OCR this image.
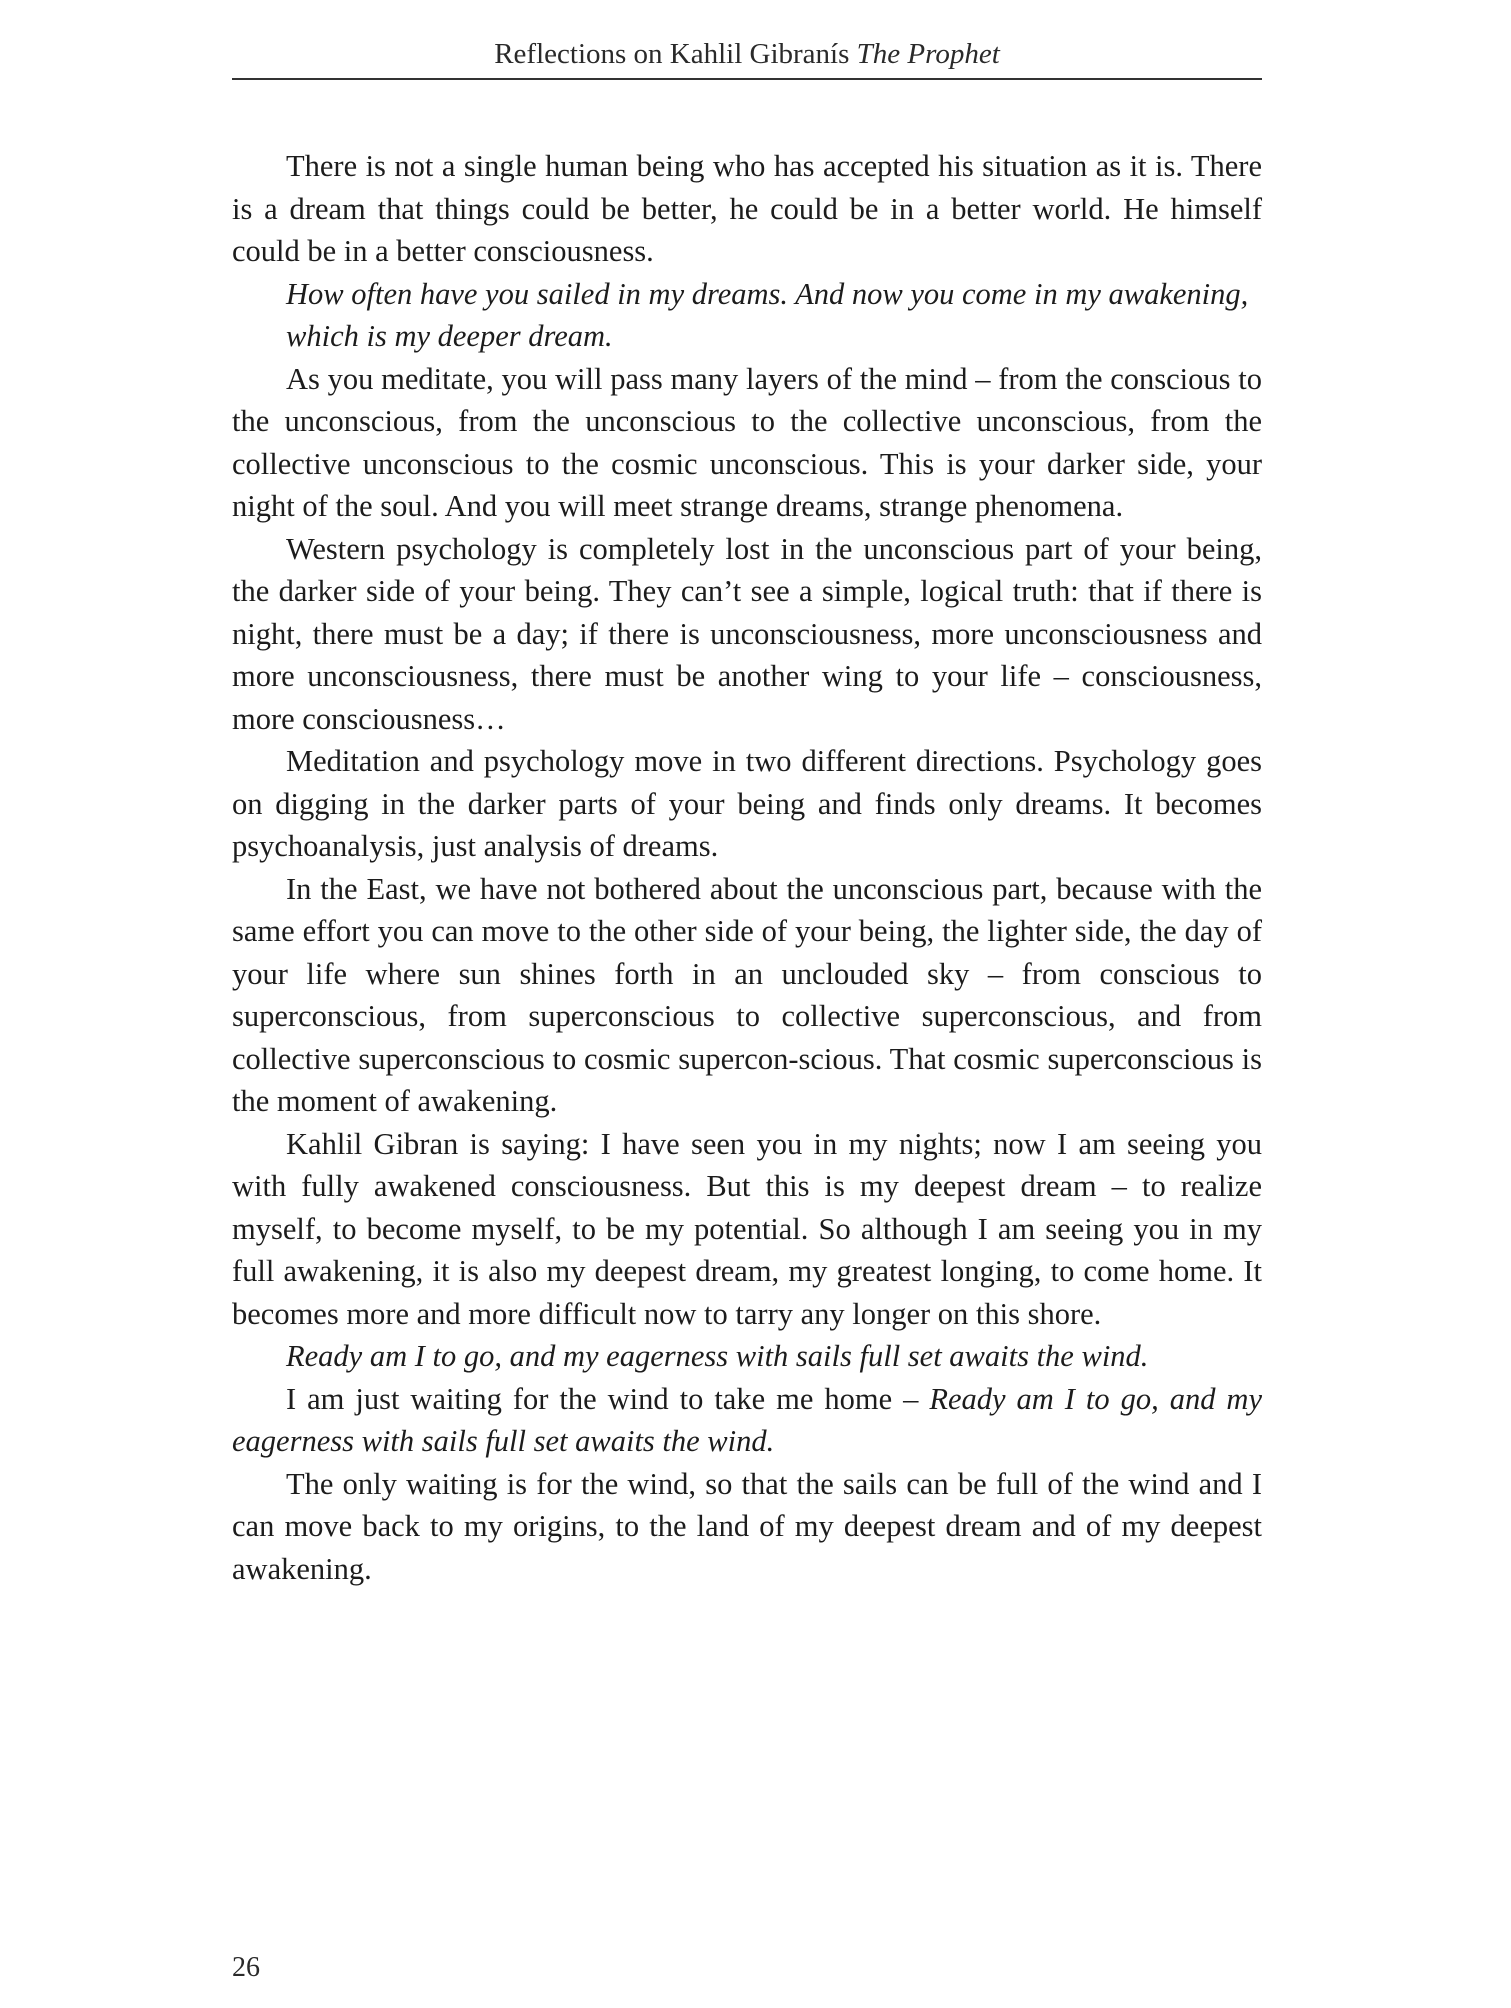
Reflections on Kahlil Gibranís The Prophet

There is not a single human being who has accepted his situation as it is. There is a dream that things could be better, he could be in a better world. He himself could be in a better consciousness.

How often have you sailed in my dreams. And now you come in my awakening, which is my deeper dream.

As you meditate, you will pass many layers of the mind – from the conscious to the unconscious, from the unconscious to the collective unconscious, from the collective unconscious to the cosmic unconscious. This is your darker side, your night of the soul. And you will meet strange dreams, strange phenomena.

Western psychology is completely lost in the unconscious part of your being, the darker side of your being. They can’t see a simple, logical truth: that if there is night, there must be a day; if there is unconsciousness, more unconsciousness and more unconsciousness, there must be another wing to your life – consciousness, more consciousness…

Meditation and psychology move in two different directions. Psychology goes on digging in the darker parts of your being and finds only dreams. It becomes psychoanalysis, just analysis of dreams.

In the East, we have not bothered about the unconscious part, because with the same effort you can move to the other side of your being, the lighter side, the day of your life where sun shines forth in an unclouded sky – from conscious to superconscious, from superconscious to collective superconscious, and from collective superconscious to cosmic supercon-scious. That cosmic superconscious is the moment of awakening.

Kahlil Gibran is saying: I have seen you in my nights; now I am seeing you with fully awakened consciousness. But this is my deepest dream – to realize myself, to become myself, to be my potential. So although I am seeing you in my full awakening, it is also my deepest dream, my greatest longing, to come home. It becomes more and more difficult now to tarry any longer on this shore.

Ready am I to go, and my eagerness with sails full set awaits the wind.

I am just waiting for the wind to take me home – Ready am I to go, and my eagerness with sails full set awaits the wind.

The only waiting is for the wind, so that the sails can be full of the wind and I can move back to my origins, to the land of my deepest dream and of my deepest awakening.

26
